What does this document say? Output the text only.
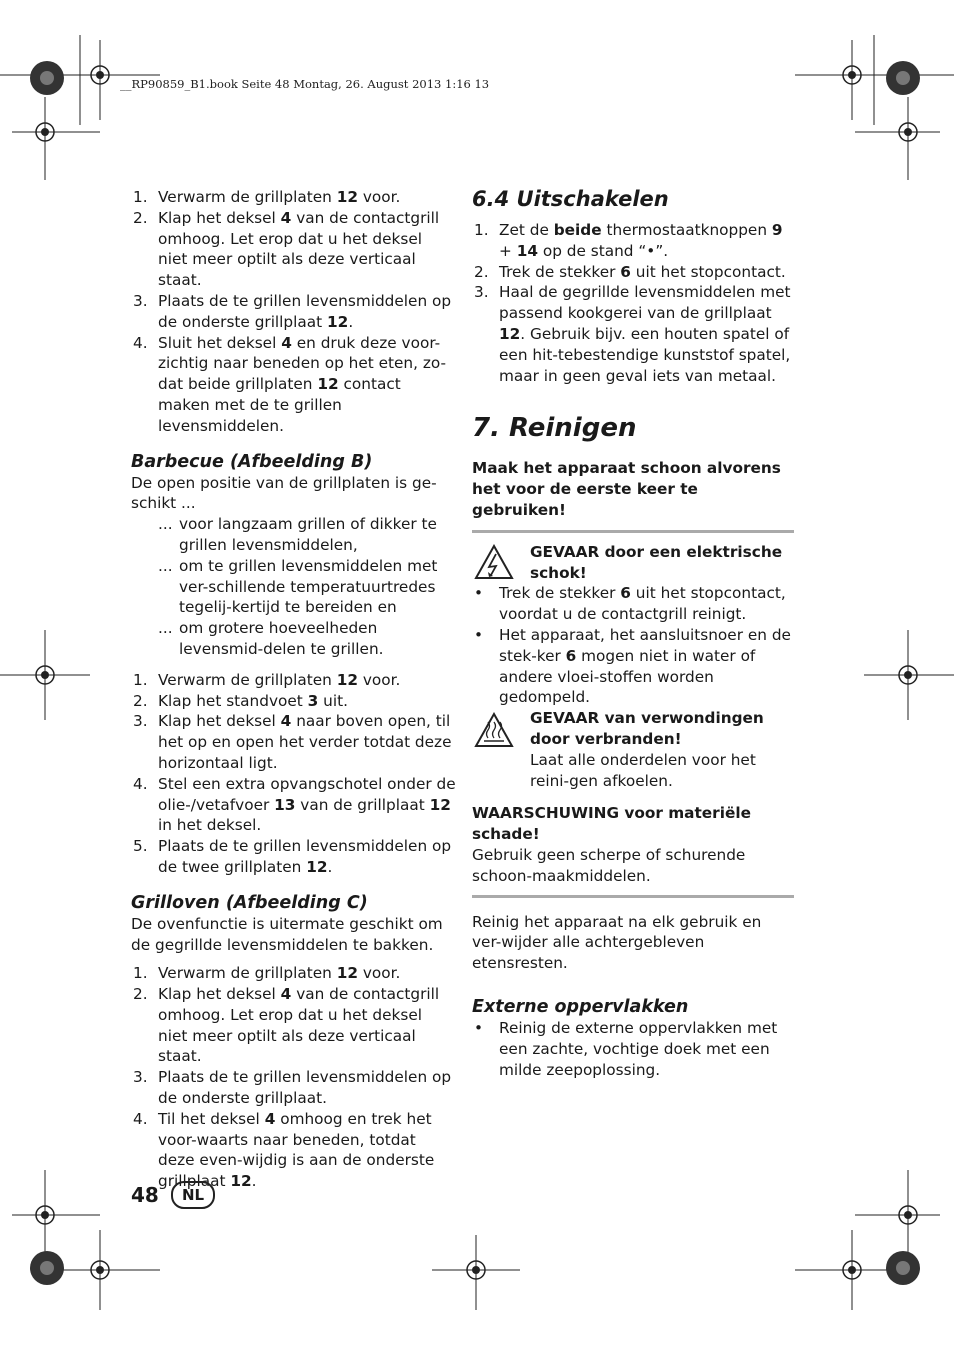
__RP90859_B1.book Seite 48 Montag, 26. August 2013 1:16 13
1. Verwarm de grillplaten 12 voor.
2. Klap het deksel 4 van de contactgrill omhoog. Let erop dat u het deksel niet meer optilt als deze verticaal staat.
3. Plaats de te grillen levensmiddelen op de onderste grillplaat 12.
4. Sluit het deksel 4 en druk deze voor-zichtig naar beneden op het eten, zo-dat beide grillplaten 12 contact maken met de te grillen levensmiddelen.
Barbecue (Afbeelding B)

De open positie van de grillplaten is ge-schikt ...

... voor langzaam grillen of dikker te grillen levensmiddelen,
... om te grillen levensmiddelen met ver-schillende temperatuurtredes tegelij-kertijd te bereiden en
... om grotere hoeveelheden levensmid-delen te grillen.
1. Verwarm de grillplaten 12 voor.
2. Klap het standvoet 3 uit.
3. Klap het deksel 4 naar boven open, til het op en open het verder totdat deze horizontaal ligt.
4. Stel een extra opvangschotel onder de olie-/vetafvoer 13 van de grillplaat 12 in het deksel.
5. Plaats de te grillen levensmiddelen op de twee grillplaten 12.
Grilloven (Afbeelding C)

De ovenfunctie is uitermate geschikt om de gegrillde levensmiddelen te bakken.

1. Verwarm de grillplaten 12 voor.
2. Klap het deksel 4 van de contactgrill omhoog. Let erop dat u het deksel niet meer optilt als deze verticaal staat.
3. Plaats de te grillen levensmiddelen op de onderste grillplaat.
4. Til het deksel 4 omhoog en trek het voor-waarts naar beneden, totdat deze even-wijdig is aan de onderste grillplaat 12.
6.4 Uitschakelen
1. Zet de beide thermostaatknoppen 9 + 14 op de stand “•”.
2. Trek de stekker 6 uit het stopcontact.
3. Haal de gegrillde levensmiddelen met passend kookgerei van de grillplaat 12. Gebruik bijv. een houten spatel of een hit-tebestendige kunststof spatel, maar in geen geval iets van metaal.
7. Reinigen

Maak het apparaat schoon alvorens het voor de eerste keer te gebruiken!

GEVAAR door een elektrische schok!

• Trek de stekker 6 uit het stopcontact, voordat u de contactgrill reinigt.
• Het apparaat, het aansluitsnoer en de stek-ker 6 mogen niet in water of andere vloei-stoffen worden gedompeld.

GEVAAR van verwondingen door verbranden!

Laat alle onderdelen voor het reini-gen afkoelen.

WAARSCHUWING voor materiële schade!

Gebruik geen scherpe of schurende schoon-maakmiddelen.

Reinig het apparaat na elk gebruik en ver-wijder alle achtergebleven etensresten.

Externe oppervlakken
• Reinig de externe oppervlakken met een zachte, vochtige doek met een milde zeepoplossing.
48	NL
